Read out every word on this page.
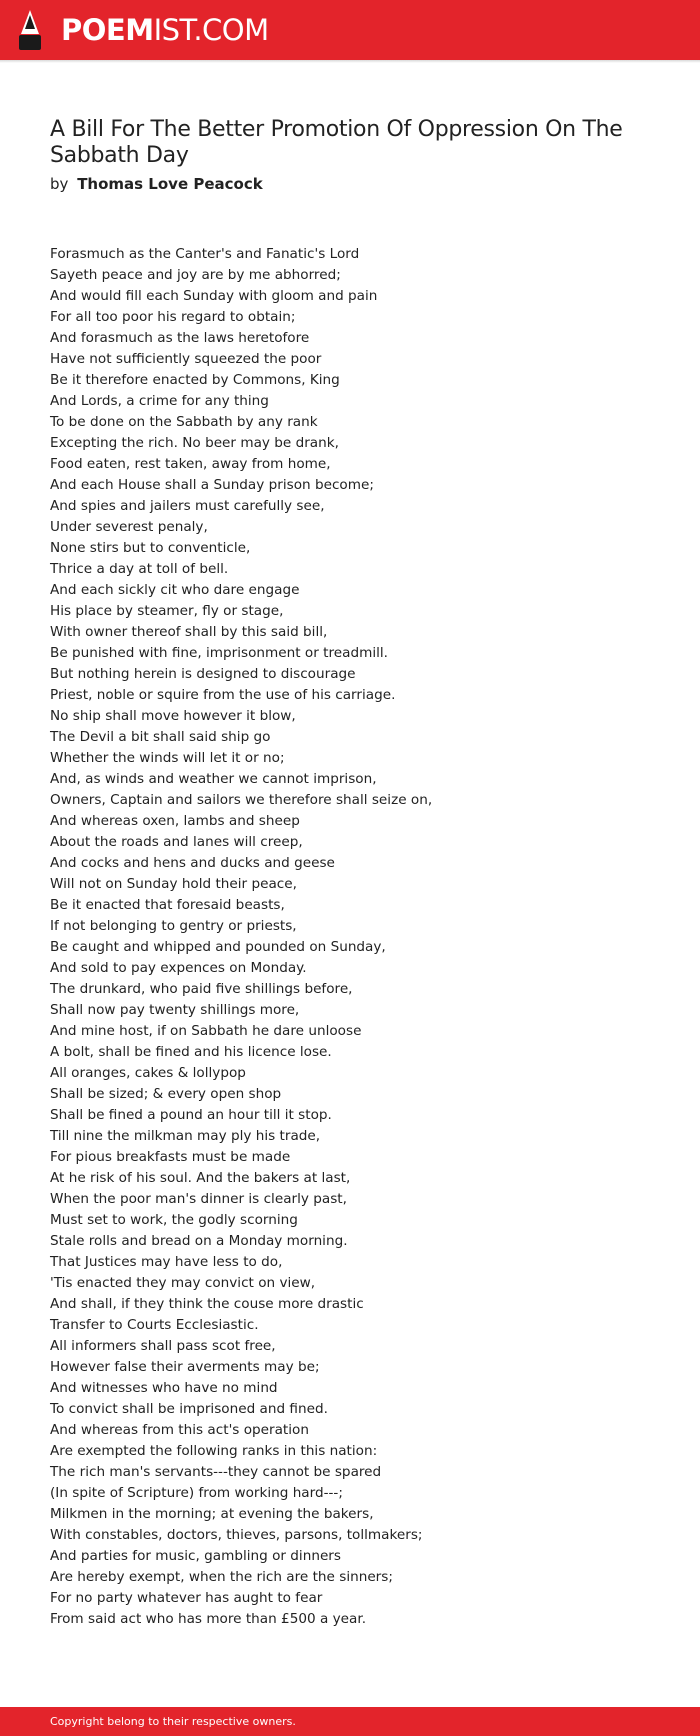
POEMIST.COM
A Bill For The Better Promotion Of Oppression On The Sabbath Day
by Thomas Love Peacock
Forasmuch as the Canter's and Fanatic's Lord
Sayeth peace and joy are by me abhorred;
And would fill each Sunday with gloom and pain
For all too poor his regard to obtain;
And forasmuch as the laws heretofore
Have not sufficiently squeezed the poor
Be it therefore enacted by Commons, King
And Lords, a crime for any thing
To be done on the Sabbath by any rank
Excepting the rich. No beer may be drank,
Food eaten, rest taken, away from home,
And each House shall a Sunday prison become;
And spies and jailers must carefully see,
Under severest penaly,
None stirs but to conventicle,
Thrice a day at toll of bell.
And each sickly cit who dare engage
His place by steamer, fly or stage,
With owner thereof shall by this said bill,
Be punished with fine, imprisonment or treadmill.
But nothing herein is designed to discourage
Priest, noble or squire from the use of his carriage.
No ship shall move however it blow,
The Devil a bit shall said ship go
Whether the winds will let it or no;
And, as winds and weather we cannot imprison,
Owners, Captain and sailors we therefore shall seize on,
And whereas oxen, lambs and sheep
About the roads and lanes will creep,
And cocks and hens and ducks and geese
Will not on Sunday hold their peace,
Be it enacted that foresaid beasts,
If not belonging to gentry or priests,
Be caught and whipped and pounded on Sunday,
And sold to pay expences on Monday.
The drunkard, who paid five shillings before,
Shall now pay twenty shillings more,
And mine host, if on Sabbath he dare unloose
A bolt, shall be fined and his licence lose.
All oranges, cakes & lollypop
Shall be sized; & every open shop
Shall be fined a pound an hour till it stop.
Till nine the milkman may ply his trade,
For pious breakfasts must be made
At he risk of his soul. And the bakers at last,
When the poor man's dinner is clearly past,
Must set to work, the godly scorning
Stale rolls and bread on a Monday morning.
That Justices may have less to do,
'Tis enacted they may convict on view,
And shall, if they think the couse more drastic
Transfer to Courts Ecclesiastic.
All informers shall pass scot free,
However false their averments may be;
And witnesses who have no mind
To convict shall be imprisoned and fined.
And whereas from this act's operation
Are exempted the following ranks in this nation:
The rich man's servants---they cannot be spared
(In spite of Scripture) from working hard---;
Milkmen in the morning; at evening the bakers,
With constables, doctors, thieves, parsons, tollmakers;
And parties for music, gambling or dinners
Are hereby exempt, when the rich are the sinners;
For no party whatever has aught to fear
From said act who has more than £500 a year.
Copyright belong to their respective owners.
